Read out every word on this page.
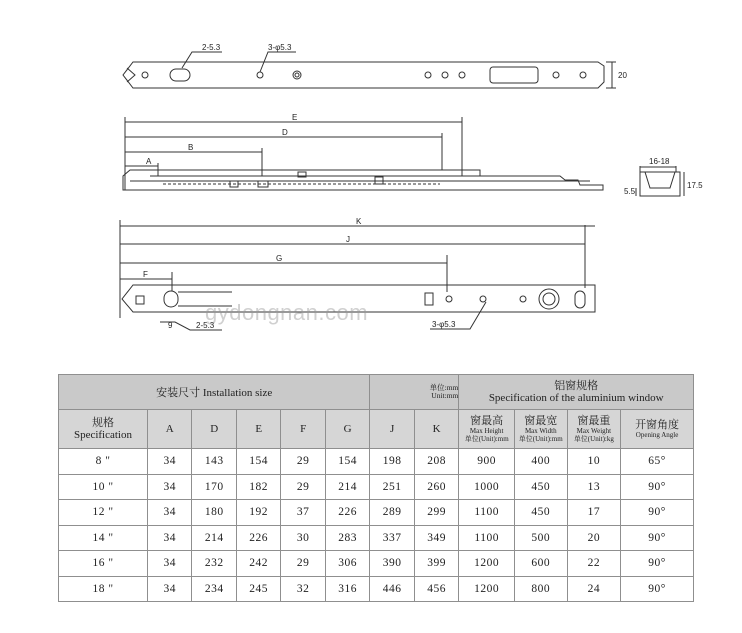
2-5.3	3-φ5.3
20
E
D
B
A	16-18
17.5
5.5
K
J
G
F
9	2-5.3	3-φ5.3
gydongnan.com
安装尺寸 Installation size						单位:mm
Unit:mm		铝窗规格
Specification of the aluminium window			

规格
Specification	A	D	E	F	G	J	K	窗最高
Max Height
单位(Unit):mm	窗最宽
Max Width
单位(Unit):mm	窗最重
Max Weight
单位(Unit):kg	开窗角度
Opening Angle

8 "	34	143	154	29	154	198	208	900	400	10	65°
10 "	34	170	182	29	214	251	260	1000	450	13	90°
12 "	34	180	192	37	226	289	299	1100	450	17	90°
14 "	34	214	226	30	283	337	349	1100	500	20	90°
16 "	34	232	242	29	306	390	399	1200	600	22	90°
18 "	34	234	245	32	316	446	456	1200	800	24	90°
